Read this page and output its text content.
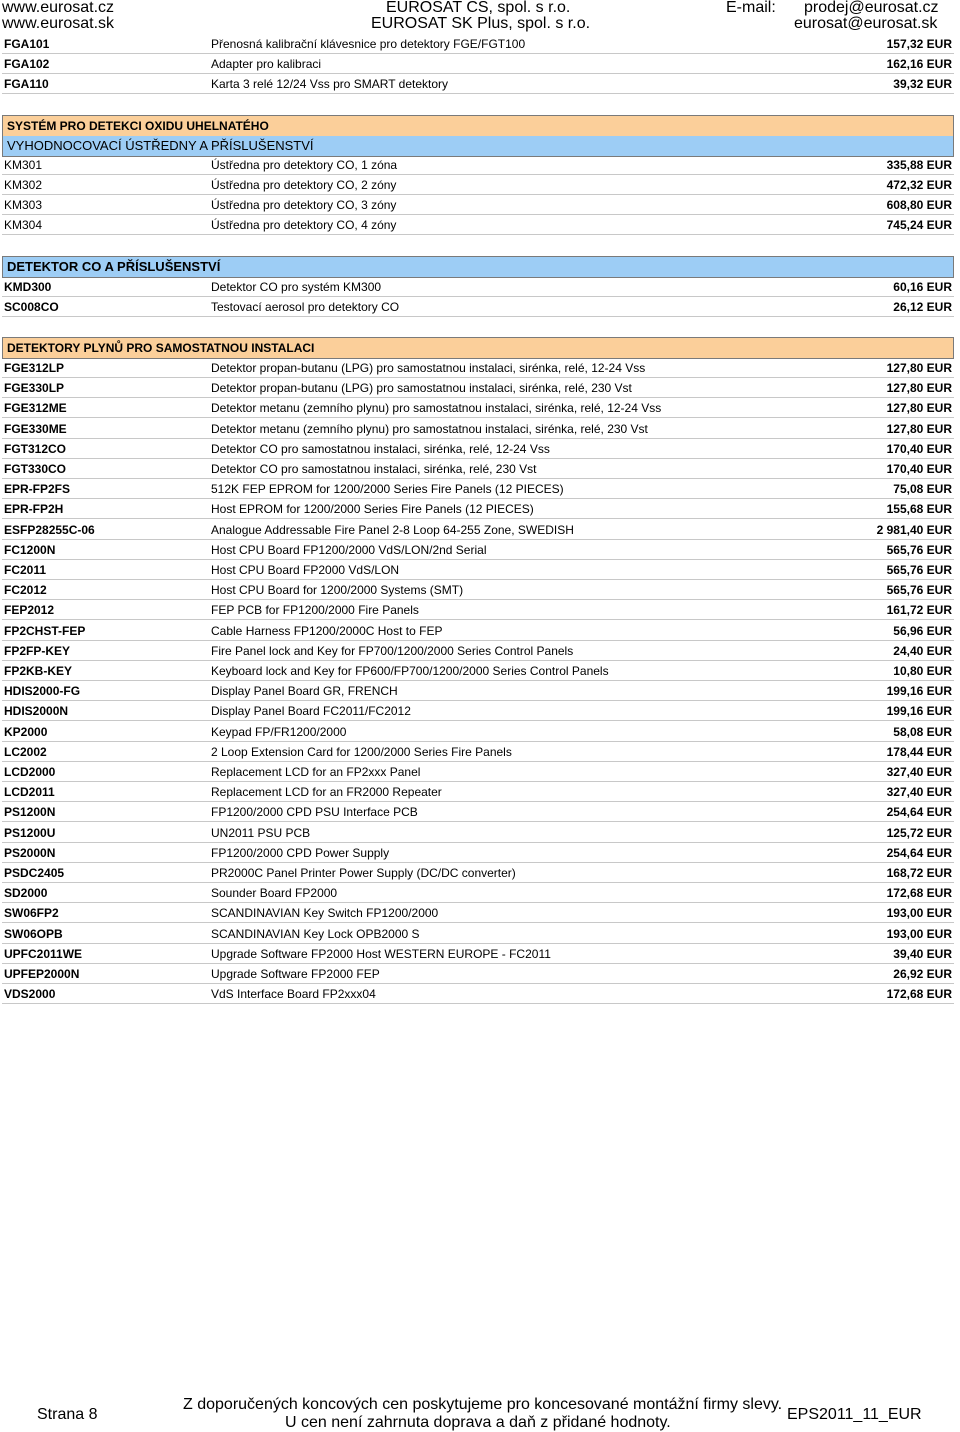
www.eurosat.cz
www.eurosat.sk
EUROSAT CS, spol. s r.o.
EUROSAT SK Plus, spol. s r.o.
E-mail: prodej@eurosat.cz
eurosat@eurosat.sk
FGA101	Přenosná kalibrační klávesnice pro detektory FGE/FGT100	157,32 EUR
FGA102	Adapter pro kalibraci	162,16 EUR
FGA110	Karta 3 relé 12/24 Vss pro SMART detektory	39,32 EUR
SYSTÉM PRO DETEKCI OXIDU UHELNATÉHO
VYHODNOCOVACÍ ÚSTŘEDNY A PŘÍSLUŠENSTVÍ
KM301	Ústředna pro detektory CO, 1 zóna	335,88 EUR
KM302	Ústředna pro detektory CO, 2 zóny	472,32 EUR
KM303	Ústředna pro detektory CO, 3 zóny	608,80 EUR
KM304	Ústředna pro detektory CO, 4 zóny	745,24 EUR
DETEKTOR CO A PŘÍSLUŠENSTVÍ
KMD300	Detektor CO pro systém KM300	60,16 EUR
SC008CO	Testovací aerosol pro detektory CO	26,12 EUR
DETEKTORY PLYNŮ PRO SAMOSTATNOU INSTALACI
FGE312LP	Detektor propan-butanu (LPG) pro samostatnou instalaci, sirénka, relé, 12-24 Vss	127,80 EUR
FGE330LP	Detektor propan-butanu (LPG) pro samostatnou instalaci, sirénka, relé, 230 Vst	127,80 EUR
FGE312ME	Detektor metanu (zemního plynu) pro samostatnou instalaci, sirénka, relé, 12-24 Vss	127,80 EUR
FGE330ME	Detektor metanu (zemního plynu) pro samostatnou instalaci, sirénka, relé, 230 Vst	127,80 EUR
FGT312CO	Detektor CO pro samostatnou instalaci, sirénka, relé, 12-24 Vss	170,40 EUR
FGT330CO	Detektor CO pro samostatnou instalaci, sirénka, relé, 230 Vst	170,40 EUR
EPR-FP2FS	512K FEP EPROM for 1200/2000 Series Fire Panels (12 PIECES)	75,08 EUR
EPR-FP2H	Host EPROM for 1200/2000 Series Fire Panels (12 PIECES)	155,68 EUR
ESFP28255C-06	Analogue Addressable Fire Panel 2-8 Loop 64-255 Zone, SWEDISH	2 981,40 EUR
FC1200N	Host CPU Board FP1200/2000 VdS/LON/2nd Serial	565,76 EUR
FC2011	Host CPU Board FP2000 VdS/LON	565,76 EUR
FC2012	Host CPU Board for 1200/2000 Systems (SMT)	565,76 EUR
FEP2012	FEP PCB for FP1200/2000 Fire Panels	161,72 EUR
FP2CHST-FEP	Cable Harness FP1200/2000C Host to FEP	56,96 EUR
FP2FP-KEY	Fire Panel lock and Key for FP700/1200/2000 Series Control Panels	24,40 EUR
FP2KB-KEY	Keyboard lock and Key for FP600/FP700/1200/2000 Series Control Panels	10,80 EUR
HDIS2000-FG	Display Panel Board GR, FRENCH	199,16 EUR
HDIS2000N	Display Panel Board FC2011/FC2012	199,16 EUR
KP2000	Keypad FP/FR1200/2000	58,08 EUR
LC2002	2 Loop Extension Card for 1200/2000 Series Fire Panels	178,44 EUR
LCD2000	Replacement LCD for an FP2xxx Panel	327,40 EUR
LCD2011	Replacement LCD for an FR2000 Repeater	327,40 EUR
PS1200N	FP1200/2000 CPD PSU Interface PCB	254,64 EUR
PS1200U	UN2011 PSU PCB	125,72 EUR
PS2000N	FP1200/2000 CPD Power Supply	254,64 EUR
PSDC2405	PR2000C Panel Printer Power Supply (DC/DC converter)	168,72 EUR
SD2000	Sounder Board FP2000	172,68 EUR
SW06FP2	SCANDINAVIAN Key Switch FP1200/2000	193,00 EUR
SW06OPB	SCANDINAVIAN Key Lock OPB2000 S	193,00 EUR
UPFC2011WE	Upgrade Software FP2000 Host WESTERN EUROPE - FC2011	39,40 EUR
UPFEP2000N	Upgrade Software FP2000 FEP	26,92 EUR
VDS2000	VdS Interface Board FP2xxx04	172,68 EUR
Strana 8
Z doporučených koncových cen poskytujeme pro koncesované montážní firmy slevy.
U cen není zahrnuta doprava a daň z přidané hodnoty.	EPS2011_11_EUR
